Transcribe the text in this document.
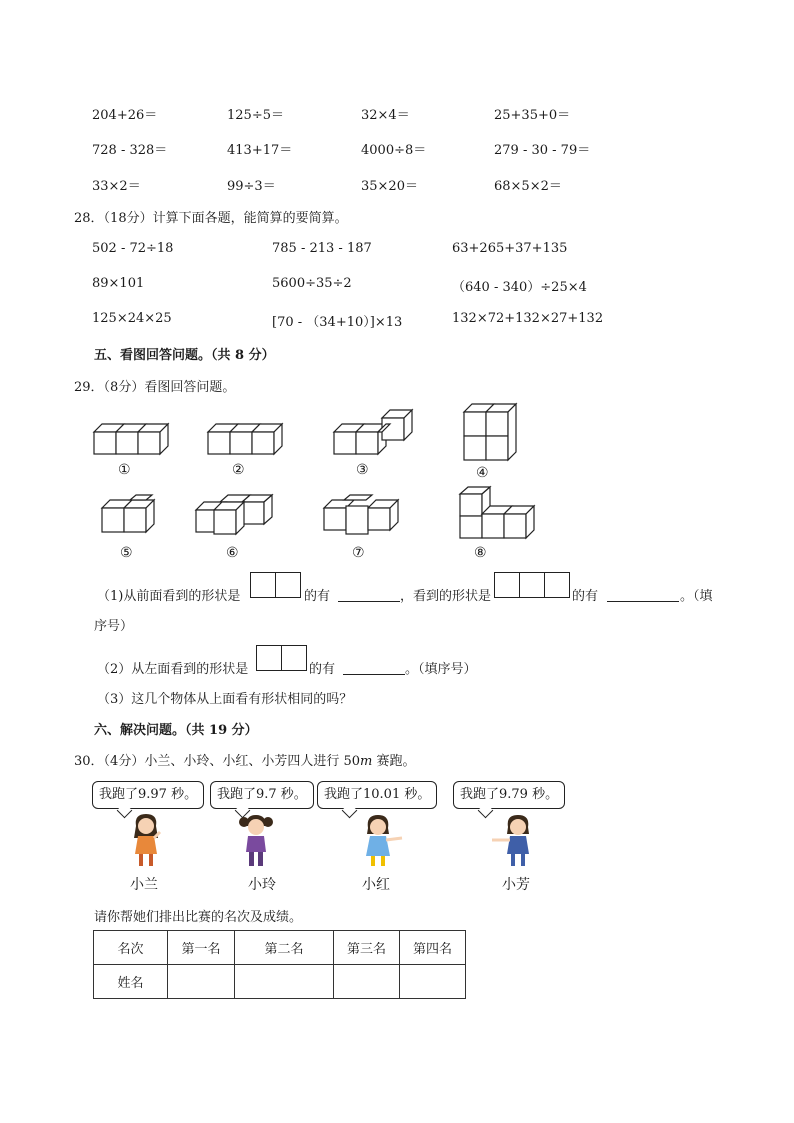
204+26＝	125÷5＝	32×4＝	25+35+0＝
728 - 328＝	413+17＝	4000÷8＝	279 - 30 - 79＝
33×2＝	99÷3＝	35×20＝	68×5×2＝
28．（18分）计算下面各题，能简算的要简算。
502 - 72÷18	785 - 213 - 187	63+265+37+135
89×101	5600÷35÷2	（640 - 340）÷25×4
125×24×25	[70 - （34+10）]×13	132×72+132×27+132
五、看图回答问题。（共 8 分）
29．（8分）看图回答问题。
①	②	③	④
⑤	⑥	⑦	⑧
（1)从前面看到的形状是	的有	，看到的形状是	的有	。（填
序号）
（2）从左面看到的形状是	的有	。（填序号）
（3）这几个物体从上面看有形状相同的吗？
六、解决问题。（共 19 分）
30．（4分）小兰、小玲、小红、小芳四人进行 50m 赛跑。
我跑了9.97 秒。	我跑了9.7 秒。	我跑了10.01 秒。	我跑了9.79 秒。
小兰	小玲	小红	小芳
请你帮她们排出比赛的名次及成绩。
名次	第一名	第二名	第三名	第四名
姓名				
